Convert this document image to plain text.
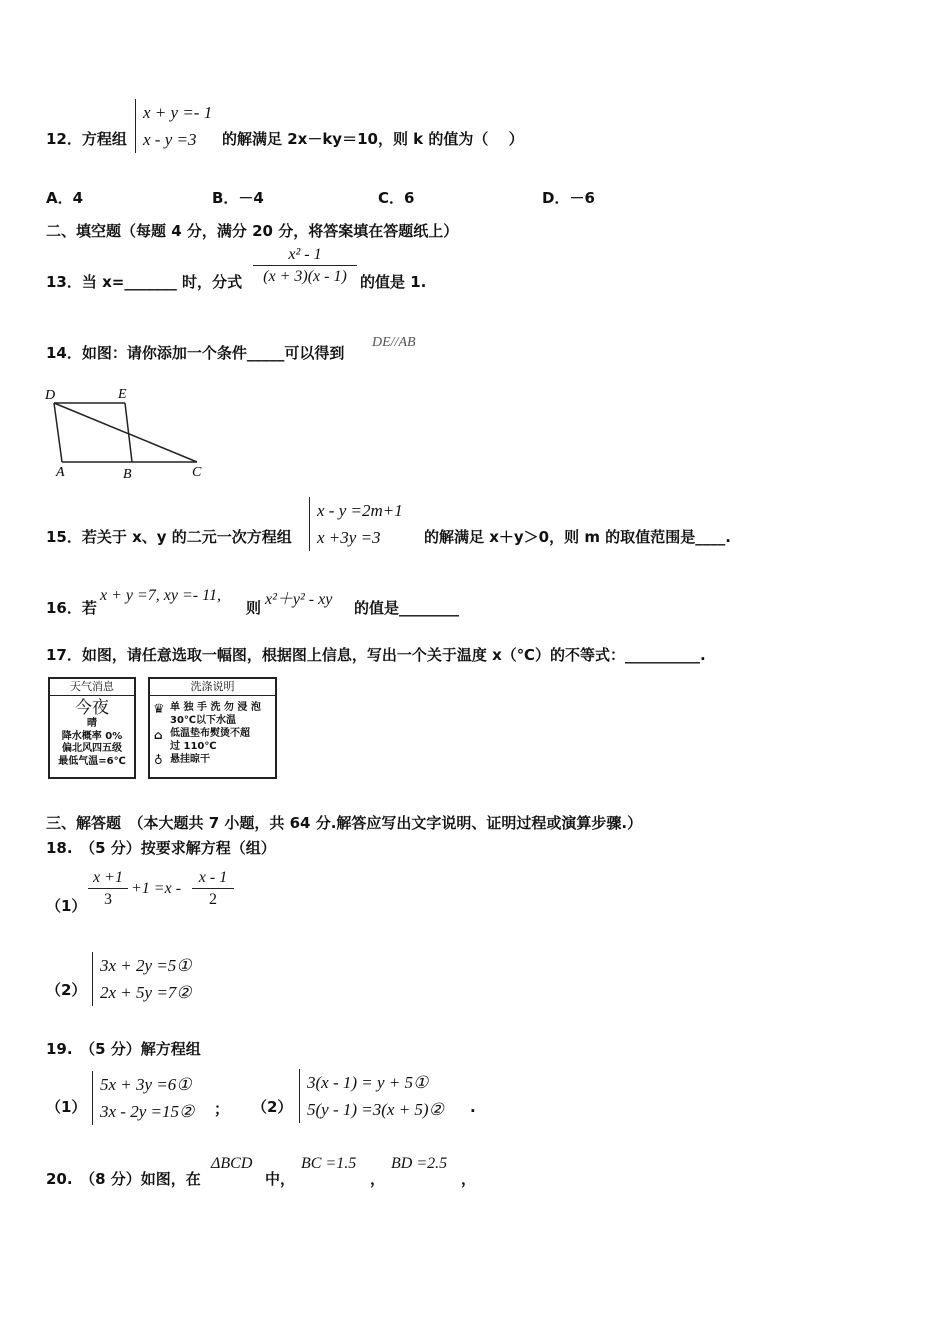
12．方程组
x + y =- 1
x - y =3	的解满足 2x－ky＝10，则 k 的值为（　 ）
A．4	B．－4	C．6	D．－6
二、填空题（每题 4 分，满分 20 分，将答案填在答题纸上）
13．当 x=_______ 时，分式 $\frac{\text{x² - 1}}{(x + 3)(x - 1)}$ 的值是 1.
14．如图：请你添加一个条件_____可以得到
DE//AB
D	E
A	B	C
15．若关于 x、y 的二元一次方程组
x - y =2m+1
x +3y =3	的解满足 x＋y＞0，则 m 的取值范围是____.
16．若
x + y =7, xy =- 11,
则 x²＋y² - xy 的值是________
17．如图，请任意选取一幅图，根据图上信息，写出一个关于温度 x（℃）的不等式：__________.
天气消息
今夜
晴
降水概率 0%
偏北风四五级
最低气温=6℃
洗涤说明
♛
⌂
♁
单 独 手 洗 勿 浸 泡
30℃以下水温
低温垫布熨烫不超
过 110℃
悬挂晾干
三、解答题　（本大题共 7 小题，共 64 分.解答应写出文字说明、证明过程或演算步骤.）
18.　（5 分）按要求解方程（组）
$(1) \frac{x +1}{3} +1 =x - \frac{x - 1}{2}$
（2）
3x + 2y =5①
2x + 5y =7②
19.　（5 分）解方程组
（1）
5x + 3y =6①
3x - 2y =15② ； （2）
3(x - 1) = y + 5①
5(y - 1) =3(x + 5)② .
20.　（8 分）如图，在
ΔBCD
中，
BC =1.5
，
BD =2.5
，
